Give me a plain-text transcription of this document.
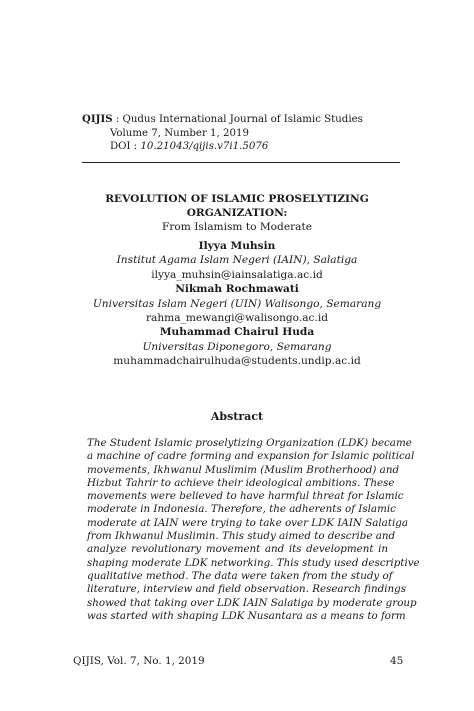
QIJIS : Qudus International Journal of Islamic Studies
Volume 7, Number 1, 2019
DOI : 10.21043/qijis.v7i1.5076
REVOLUTION OF ISLAMIC PROSELYTIZING ORGANIZATION:
From Islamism to Moderate
Ilyya Muhsin
Institut Agama Islam Negeri (IAIN), Salatiga
ilyya_muhsin@iainsalatiga.ac.id
Nikmah Rochmawati
Universitas Islam Negeri (UIN) Walisongo, Semarang
rahma_mewangi@walisongo.ac.id
Muhammad Chairul Huda
Universitas Diponegoro, Semarang
muhammadchairulhuda@students.undip.ac.id
Abstract
The Student Islamic proselytizing Organization (LDK) became
a machine of cadre forming and expansion for Islamic political
movements, Ikhwanul Muslimim (Muslim Brotherhood) and
Hizbut Tahrir to achieve their ideological ambitions. These
movements were believed to have harmful threat for Islamic
moderate in Indonesia. Therefore, the adherents of Islamic
moderate at IAIN were trying to take over LDK IAIN Salatiga
from Ikhwanul Muslimin. This study aimed to describe and
analyze revolutionary movement and its development in
shaping moderate LDK networking. This study used descriptive
qualitative method. The data were taken from the study of
literature, interview and field observation. Research findings
showed that taking over LDK IAIN Salatiga by moderate group
was started with shaping LDK Nusantara as a means to form
QIJIS, Vol. 7, No. 1, 2019	45
